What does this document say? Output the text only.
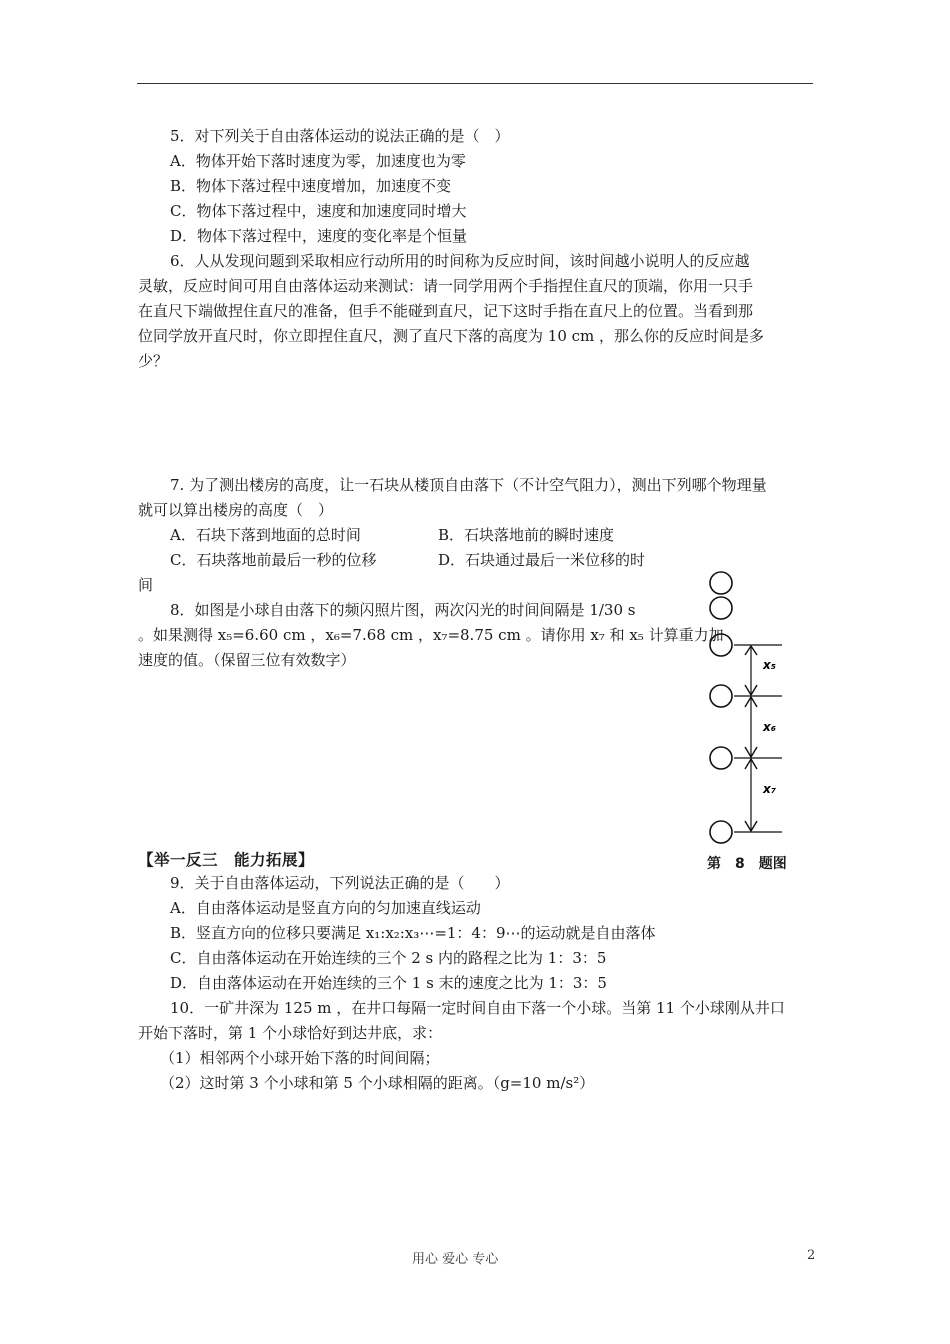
5．对下列关于自由落体运动的说法正确的是（　）
A．物体开始下落时速度为零，加速度也为零
B．物体下落过程中速度增加，加速度不变
C．物体下落过程中，速度和加速度同时增大
D．物体下落过程中，速度的变化率是个恒量
6．人从发现问题到采取相应行动所用的时间称为反应时间，该时间越小说明人的反应越
灵敏，反应时间可用自由落体运动来测试：请一同学用两个手指捏住直尺的顶端，你用一只手
在直尺下端做捏住直尺的准备，但手不能碰到直尺，记下这时手指在直尺上的位置。当看到那
位同学放开直尺时，你立即捏住直尺，测了直尺下落的高度为 10 cm ，那么你的反应时间是多
少？
7. 为了测出楼房的高度，让一石块从楼顶自由落下（不计空气阻力），测出下列哪个物理量
就可以算出楼房的高度（　）
A．石块下落到地面的总时间	B．石块落地前的瞬时速度
C．石块落地前最后一秒的位移	D．石块通过最后一米位移的时
间
8．如图是小球自由落下的频闪照片图，两次闪光的时间间隔是 1/30 s
。如果测得 x₅=6.60 cm ，x₆=7.68 cm ，x₇=8.75 cm 。请你用 x₇ 和 x₅ 计算重力加
速度的值。（保留三位有效数字）	x₅
x₆
x₇
第　8　题图
【举一反三　能力拓展】
9．关于自由落体运动，下列说法正确的是（　　）
A．自由落体运动是竖直方向的匀加速直线运动
B．竖直方向的位移只要满足 x₁:x₂:x₃⋯=1：4：9⋯的运动就是自由落体
C．自由落体运动在开始连续的三个 2 s 内的路程之比为 1：3：5
D．自由落体运动在开始连续的三个 1 s 末的速度之比为 1：3：5
10．一矿井深为 125 m ，在井口每隔一定时间自由下落一个小球。当第 11 个小球刚从井口
开始下落时，第 1 个小球恰好到达井底，求：
（1）相邻两个小球开始下落的时间间隔；
（2）这时第 3 个小球和第 5 个小球相隔的距离。（g=10 m/s²）
用心 爱心 专心	2
